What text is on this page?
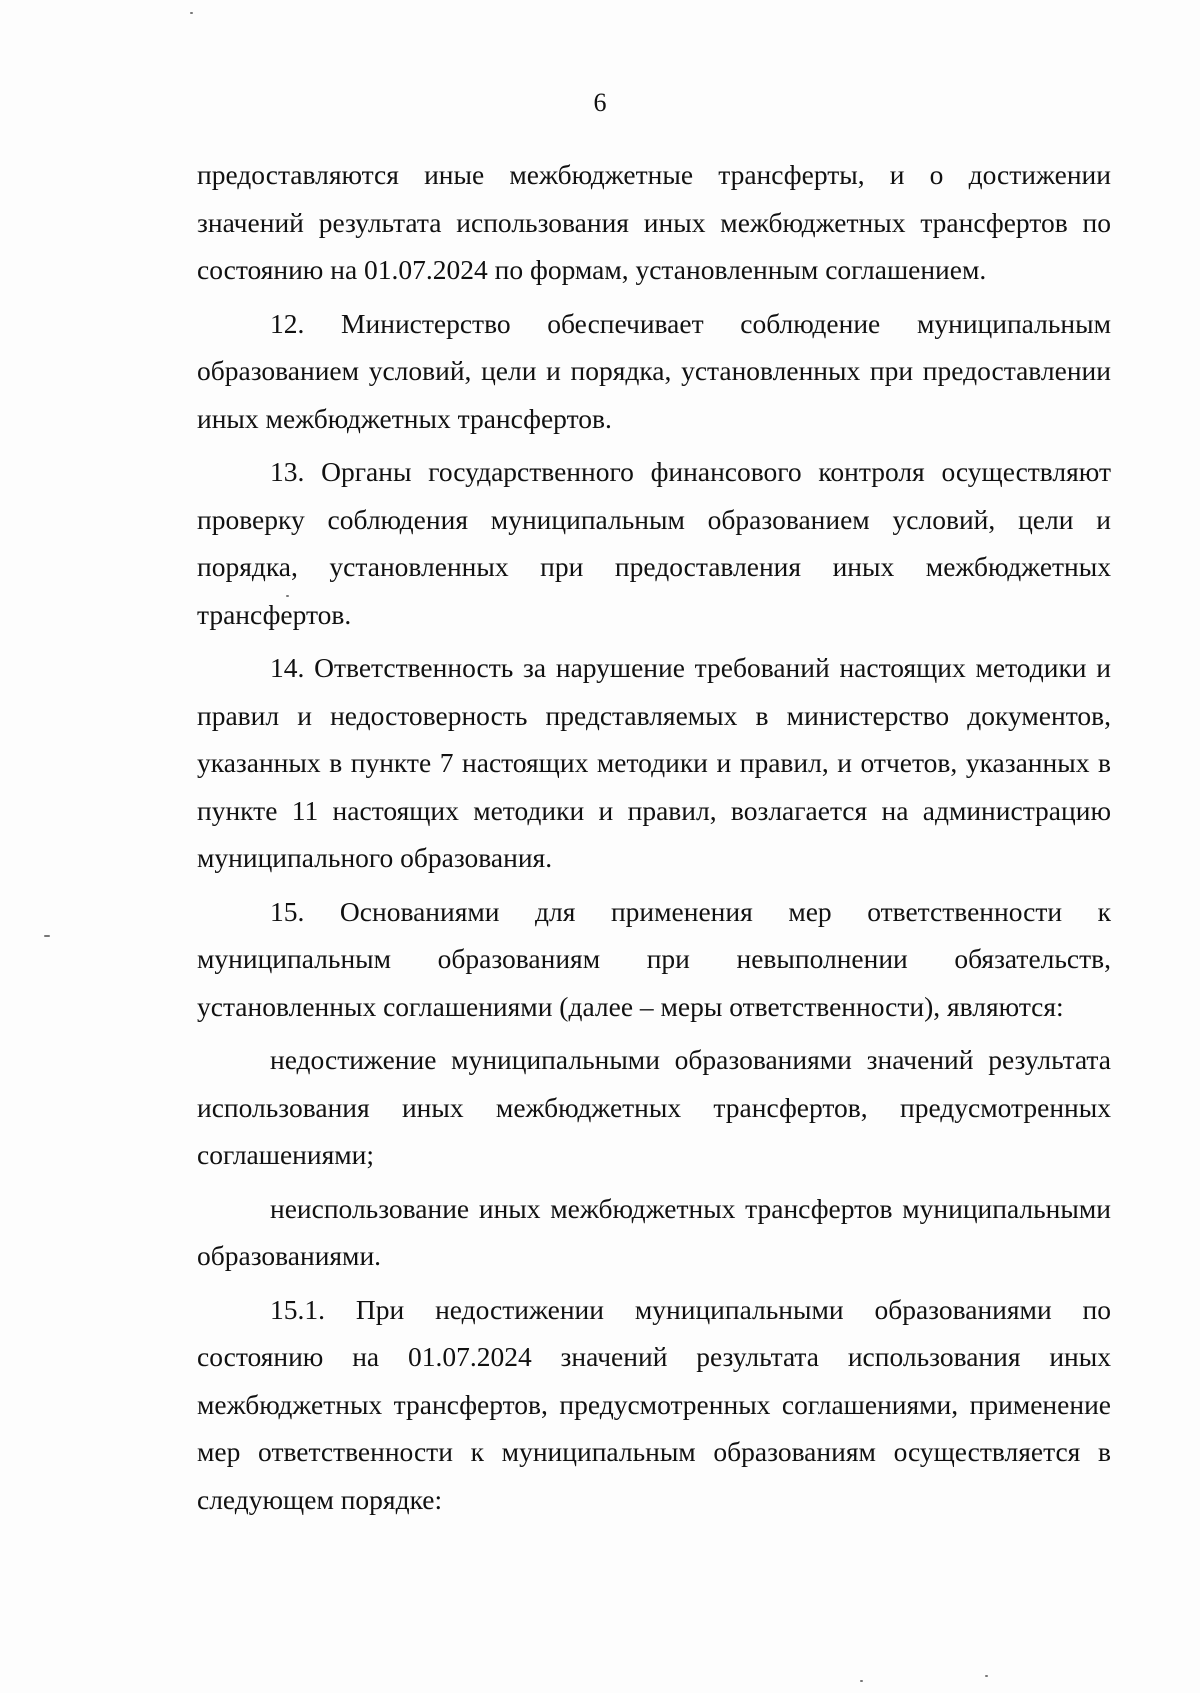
6

предоставляются иные межбюджетные трансферты, и о достижении значений результата использования иных межбюджетных трансфертов по состоянию на 01.07.2024 по формам, установленным соглашением.

12. Министерство обеспечивает соблюдение муниципальным образованием условий, цели и порядка, установленных при предоставлении иных межбюджетных трансфертов.

13. Органы государственного финансового контроля осуществляют проверку соблюдения муниципальным образованием условий, цели и порядка, установленных при предоставления иных межбюджетных трансфертов.

14. Ответственность за нарушение требований настоящих методики и правил и недостоверность представляемых в министерство документов, указанных в пункте 7 настоящих методики и правил, и отчетов, указанных в пункте 11 настоящих методики и правил, возлагается на администрацию муниципального образования.

15. Основаниями для применения мер ответственности к муниципальным образованиям при невыполнении обязательств, установленных соглашениями (далее – меры ответственности), являются:

недостижение муниципальными образованиями значений результата использования иных межбюджетных трансфертов, предусмотренных соглашениями;

неиспользование иных межбюджетных трансфертов муниципальными образованиями.

15.1. При недостижении муниципальными образованиями по состоянию на 01.07.2024 значений результата использования иных межбюджетных трансфертов, предусмотренных соглашениями, применение мер ответственности к муниципальным образованиям осуществляется в следующем порядке:
